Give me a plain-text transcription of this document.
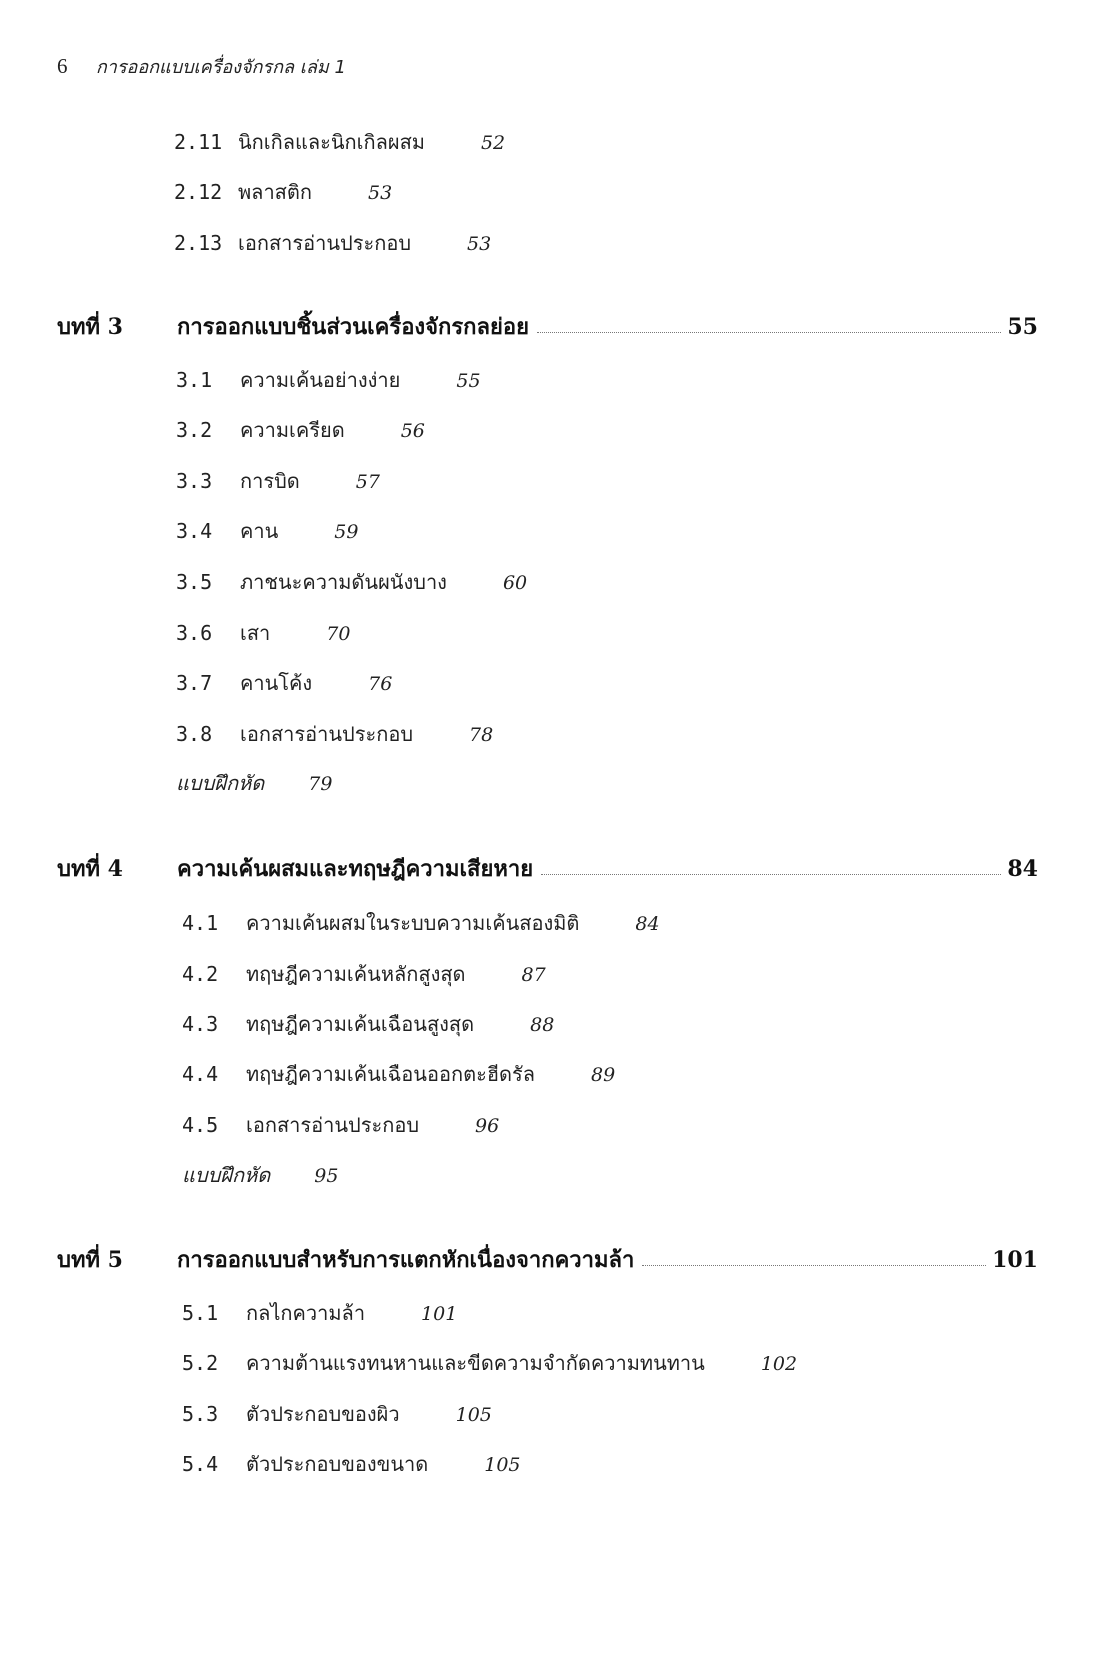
6 การออกแบบเครื่องจักรกล เล่ม 1
2.11 นิกเกิลและนิกเกิลผสม	52
2.12 พลาสติก	53
2.13 เอกสารอ่านประกอบ	53
บทที่ 3	การออกแบบชิ้นส่วนเครื่องจักรกลย่อย	55
3.1 ความเค้นอย่างง่าย	55
3.2 ความเครียด	56
3.3 การบิด	57
3.4 คาน	59
3.5 ภาชนะความดันผนังบาง	60
3.6 เสา	70
3.7 คานโค้ง	76
3.8 เอกสารอ่านประกอบ	78
แบบฝึกหัด 79
บทที่ 4	ความเค้นผสมและทฤษฎีความเสียหาย	84
4.1 ความเค้นผสมในระบบความเค้นสองมิติ	84
4.2 ทฤษฎีความเค้นหลักสูงสุด	87
4.3 ทฤษฎีความเค้นเฉือนสูงสุด	88
4.4 ทฤษฎีความเค้นเฉือนออกตะฮีดรัล	89
4.5 เอกสารอ่านประกอบ	96
แบบฝึกหัด 95
บทที่ 5	การออกแบบสำหรับการแตกหักเนื่องจากความล้า	101
5.1 กลไกความล้า	101
5.2 ความต้านแรงทนหานและขีดความจำกัดความทนทาน	102
5.3 ตัวประกอบของผิว	105
5.4 ตัวประกอบของขนาด	105
